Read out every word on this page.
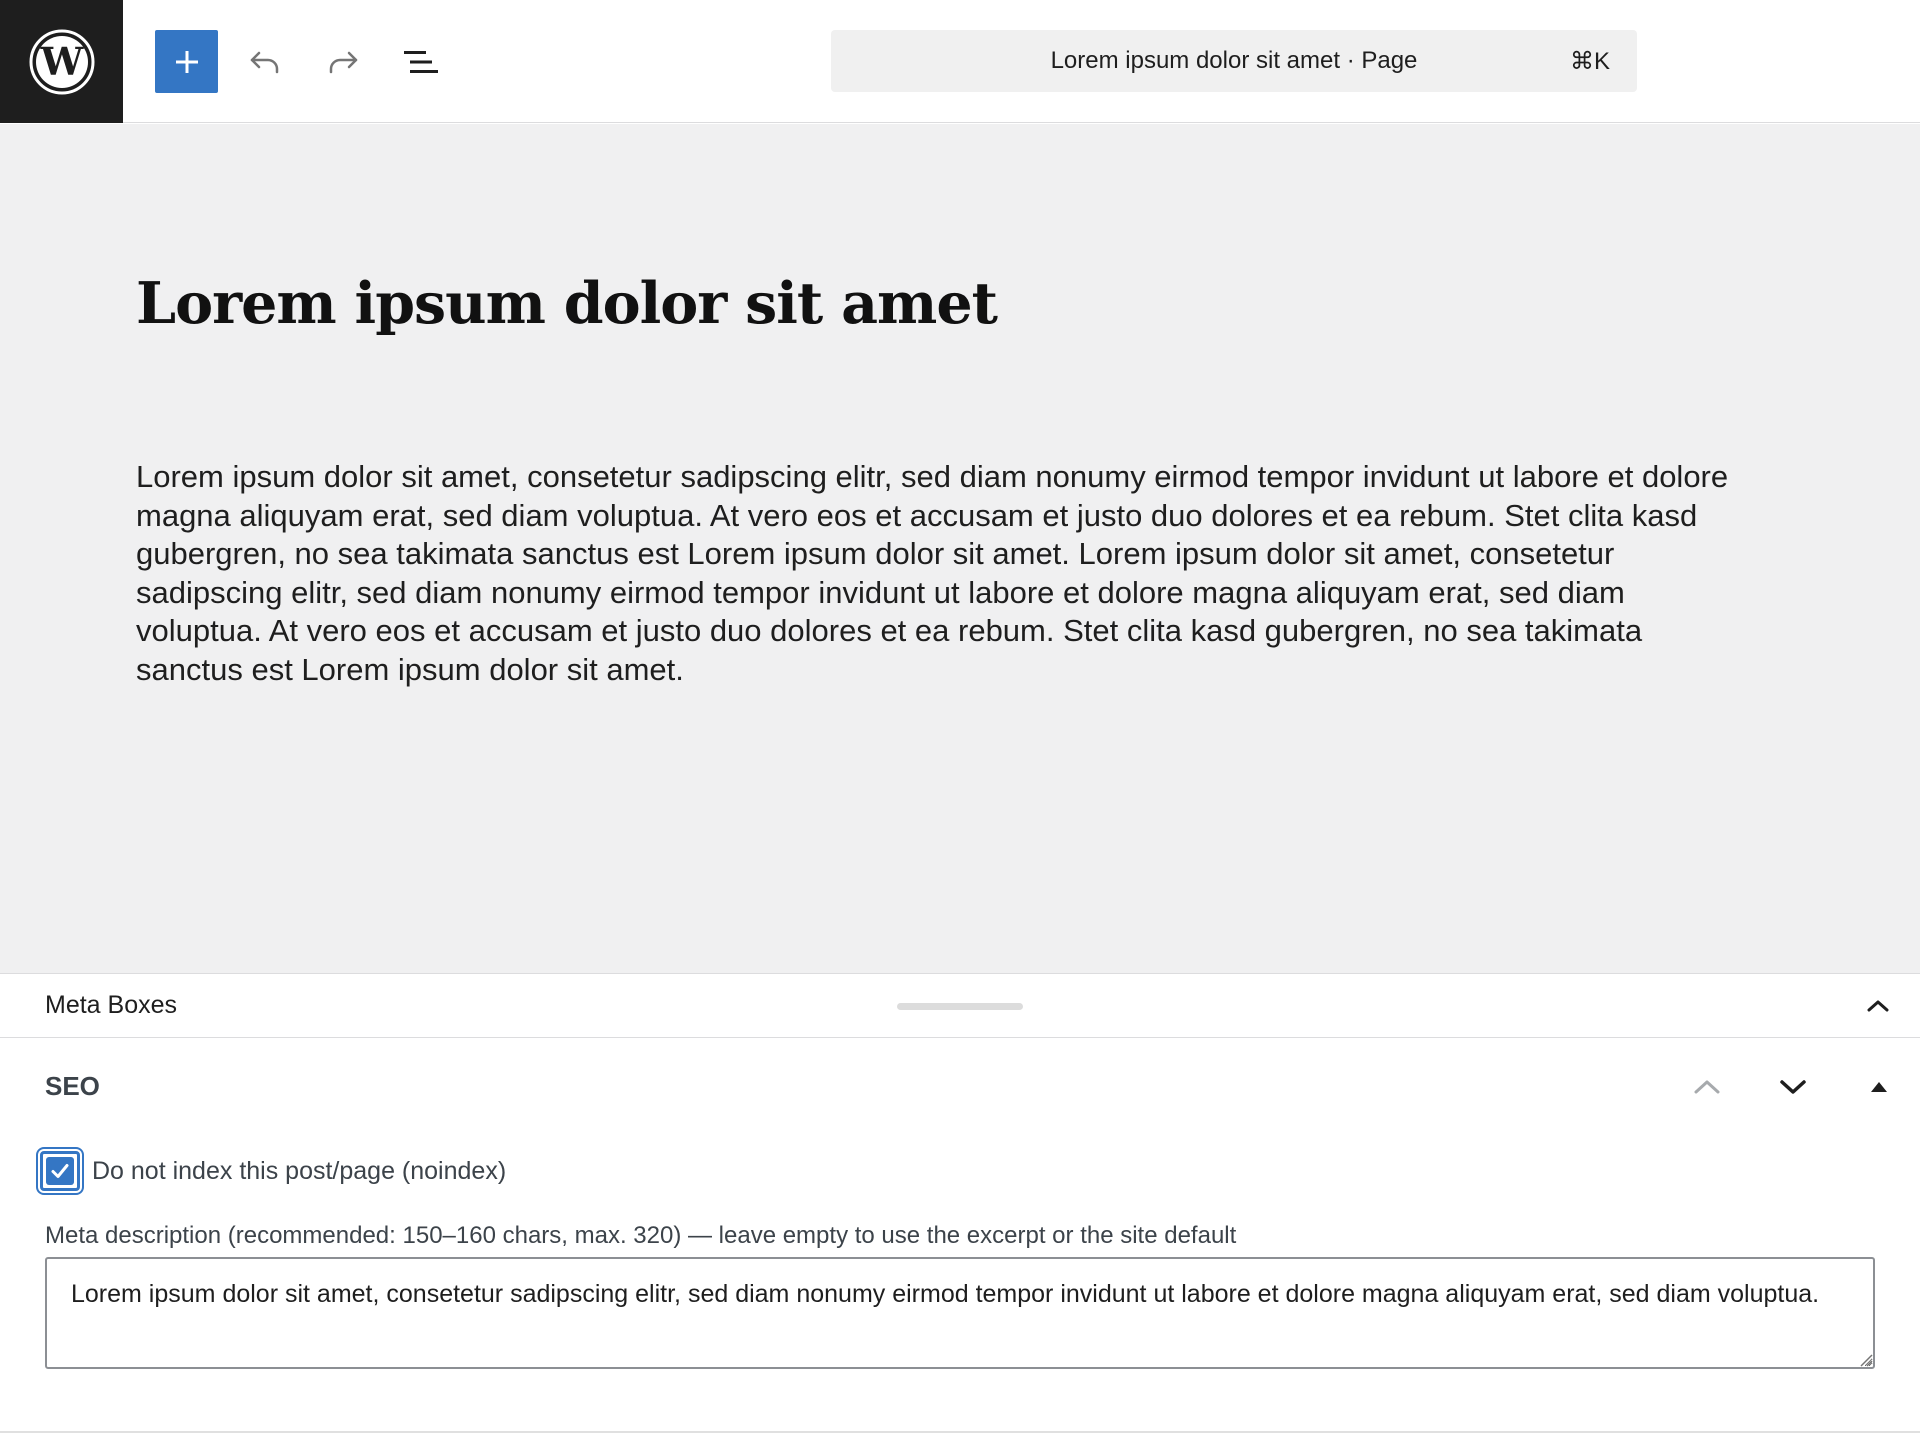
W	Lorem ipsum dolor sit amet · Page	⌘K
Lorem ipsum dolor sit amet

Lorem ipsum dolor sit amet, consetetur sadipscing elitr, sed diam nonumy eirmod tempor invidunt ut labore et dolore magna aliquyam erat, sed diam voluptua. At vero eos et accusam et justo duo dolores et ea rebum. Stet clita kasd gubergren, no sea takimata sanctus est Lorem ipsum dolor sit amet. Lorem ipsum dolor sit amet, consetetur sadipscing elitr, sed diam nonumy eirmod tempor invidunt ut labore et dolore magna aliquyam erat, sed diam voluptua. At vero eos et accusam et justo duo dolores et ea rebum. Stet clita kasd gubergren, no sea takimata sanctus est Lorem ipsum dolor sit amet.

Meta Boxes
SEO
Do not index this post/page (noindex)
Meta description (recommended: 150–160 chars, max. 320) — leave empty to use the excerpt or the site default
Lorem ipsum dolor sit amet, consetetur sadipscing elitr, sed diam nonumy eirmod tempor invidunt ut labore et dolore magna aliquyam erat, sed diam voluptua.
